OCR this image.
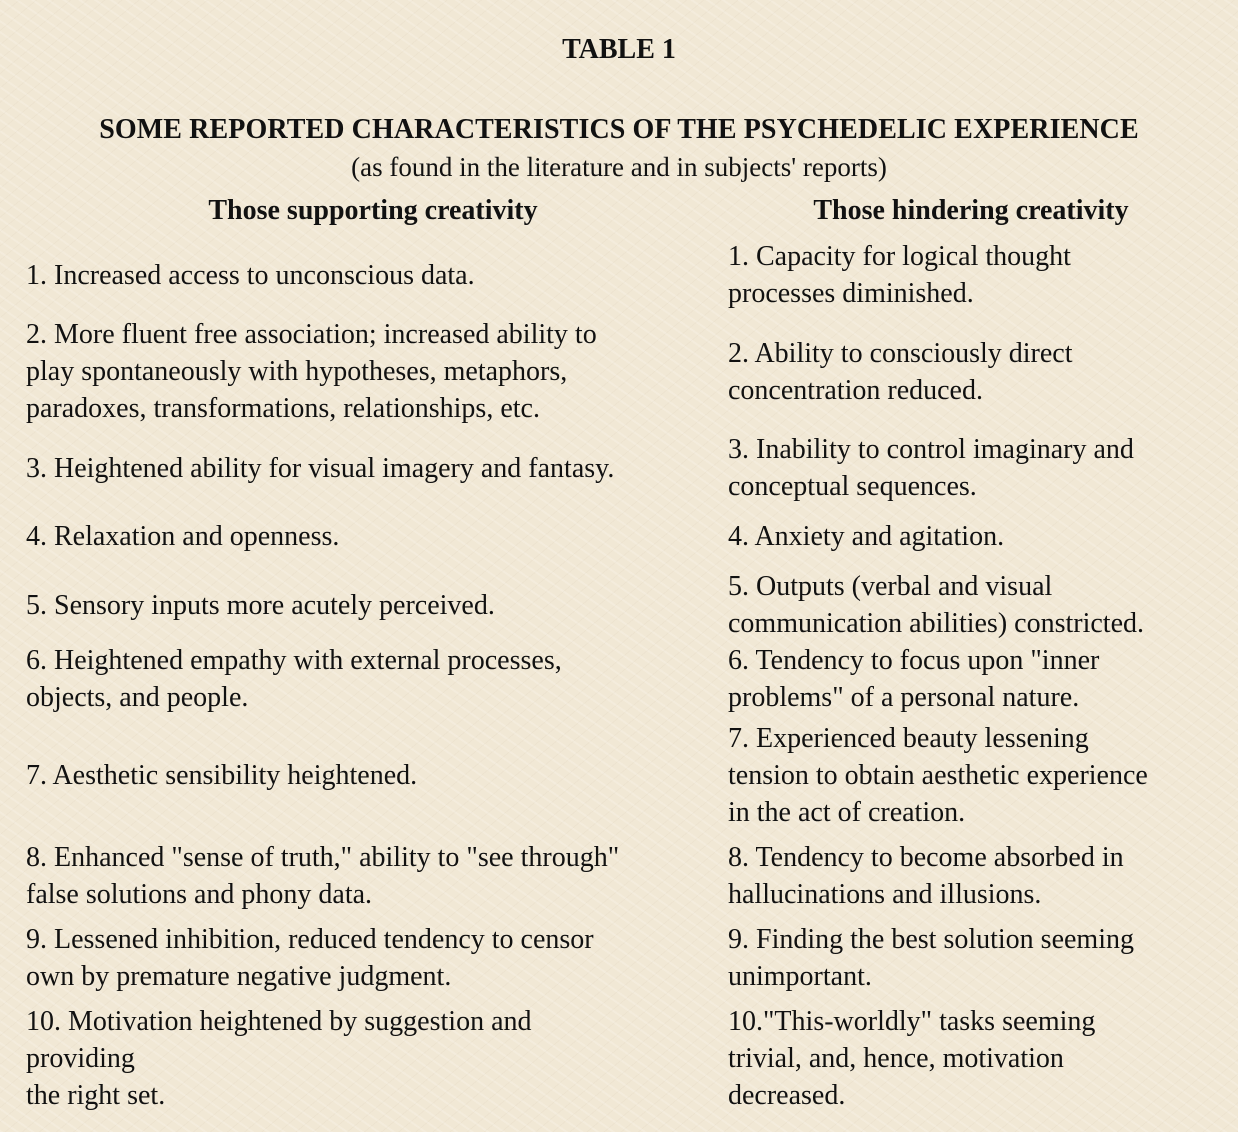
TABLE 1
SOME REPORTED CHARACTERISTICS OF THE PSYCHEDELIC EXPERIENCE
(as found in the literature and in subjects' reports)
Those supporting creativity	Those hindering creativity
1. Increased access to unconscious data.	1. Capacity for logical thought
processes diminished.

2. More fluent free association; increased ability to
play spontaneously with hypotheses, metaphors,
paradoxes, transformations, relationships, etc.	2. Ability to consciously direct
concentration reduced.

3. Heightened ability for visual imagery and fantasy.	3. Inability to control imaginary and
conceptual sequences.

4. Relaxation and openness.	4. Anxiety and agitation.

5. Sensory inputs more acutely perceived.	5. Outputs (verbal and visual
communication abilities) constricted.

6. Heightened empathy with external processes,
objects, and people.	6. Tendency to focus upon "inner
problems" of a personal nature.

7. Aesthetic sensibility heightened.	7. Experienced beauty lessening
tension to obtain aesthetic experience
in the act of creation.

8. Enhanced "sense of truth," ability to "see through"
false solutions and phony data.	8. Tendency to become absorbed in
hallucinations and illusions.

9. Lessened inhibition, reduced tendency to censor
own by premature negative judgment.	9. Finding the best solution seeming
unimportant.

10. Motivation heightened by suggestion and
providing
the right set.	10."This-worldly" tasks seeming
trivial, and, hence, motivation
decreased.
